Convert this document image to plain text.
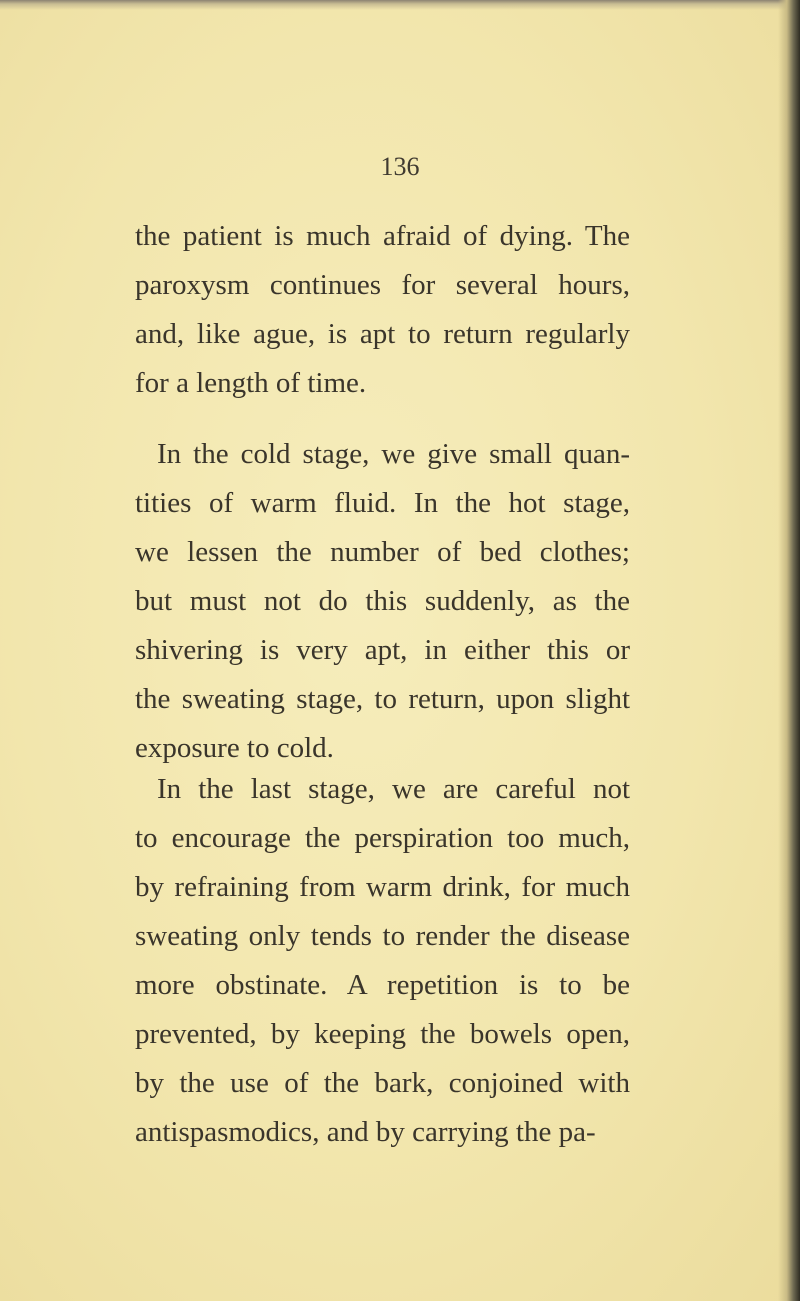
136
the patient is much afraid of dying. The
paroxysm continues for several hours,
and, like ague, is apt to return regularly
for a length of time.
In the cold stage, we give small quan-
tities of warm fluid. In the hot stage,
we lessen the number of bed clothes;
but must not do this suddenly, as the
shivering is very apt, in either this or
the sweating stage, to return, upon slight
exposure to cold.
In the last stage, we are careful not
to encourage the perspiration too much,
by refraining from warm drink, for much
sweating only tends to render the disease
more obstinate. A repetition is to be
prevented, by keeping the bowels open,
by the use of the bark, conjoined with
antispasmodics, and by carrying the pa-
